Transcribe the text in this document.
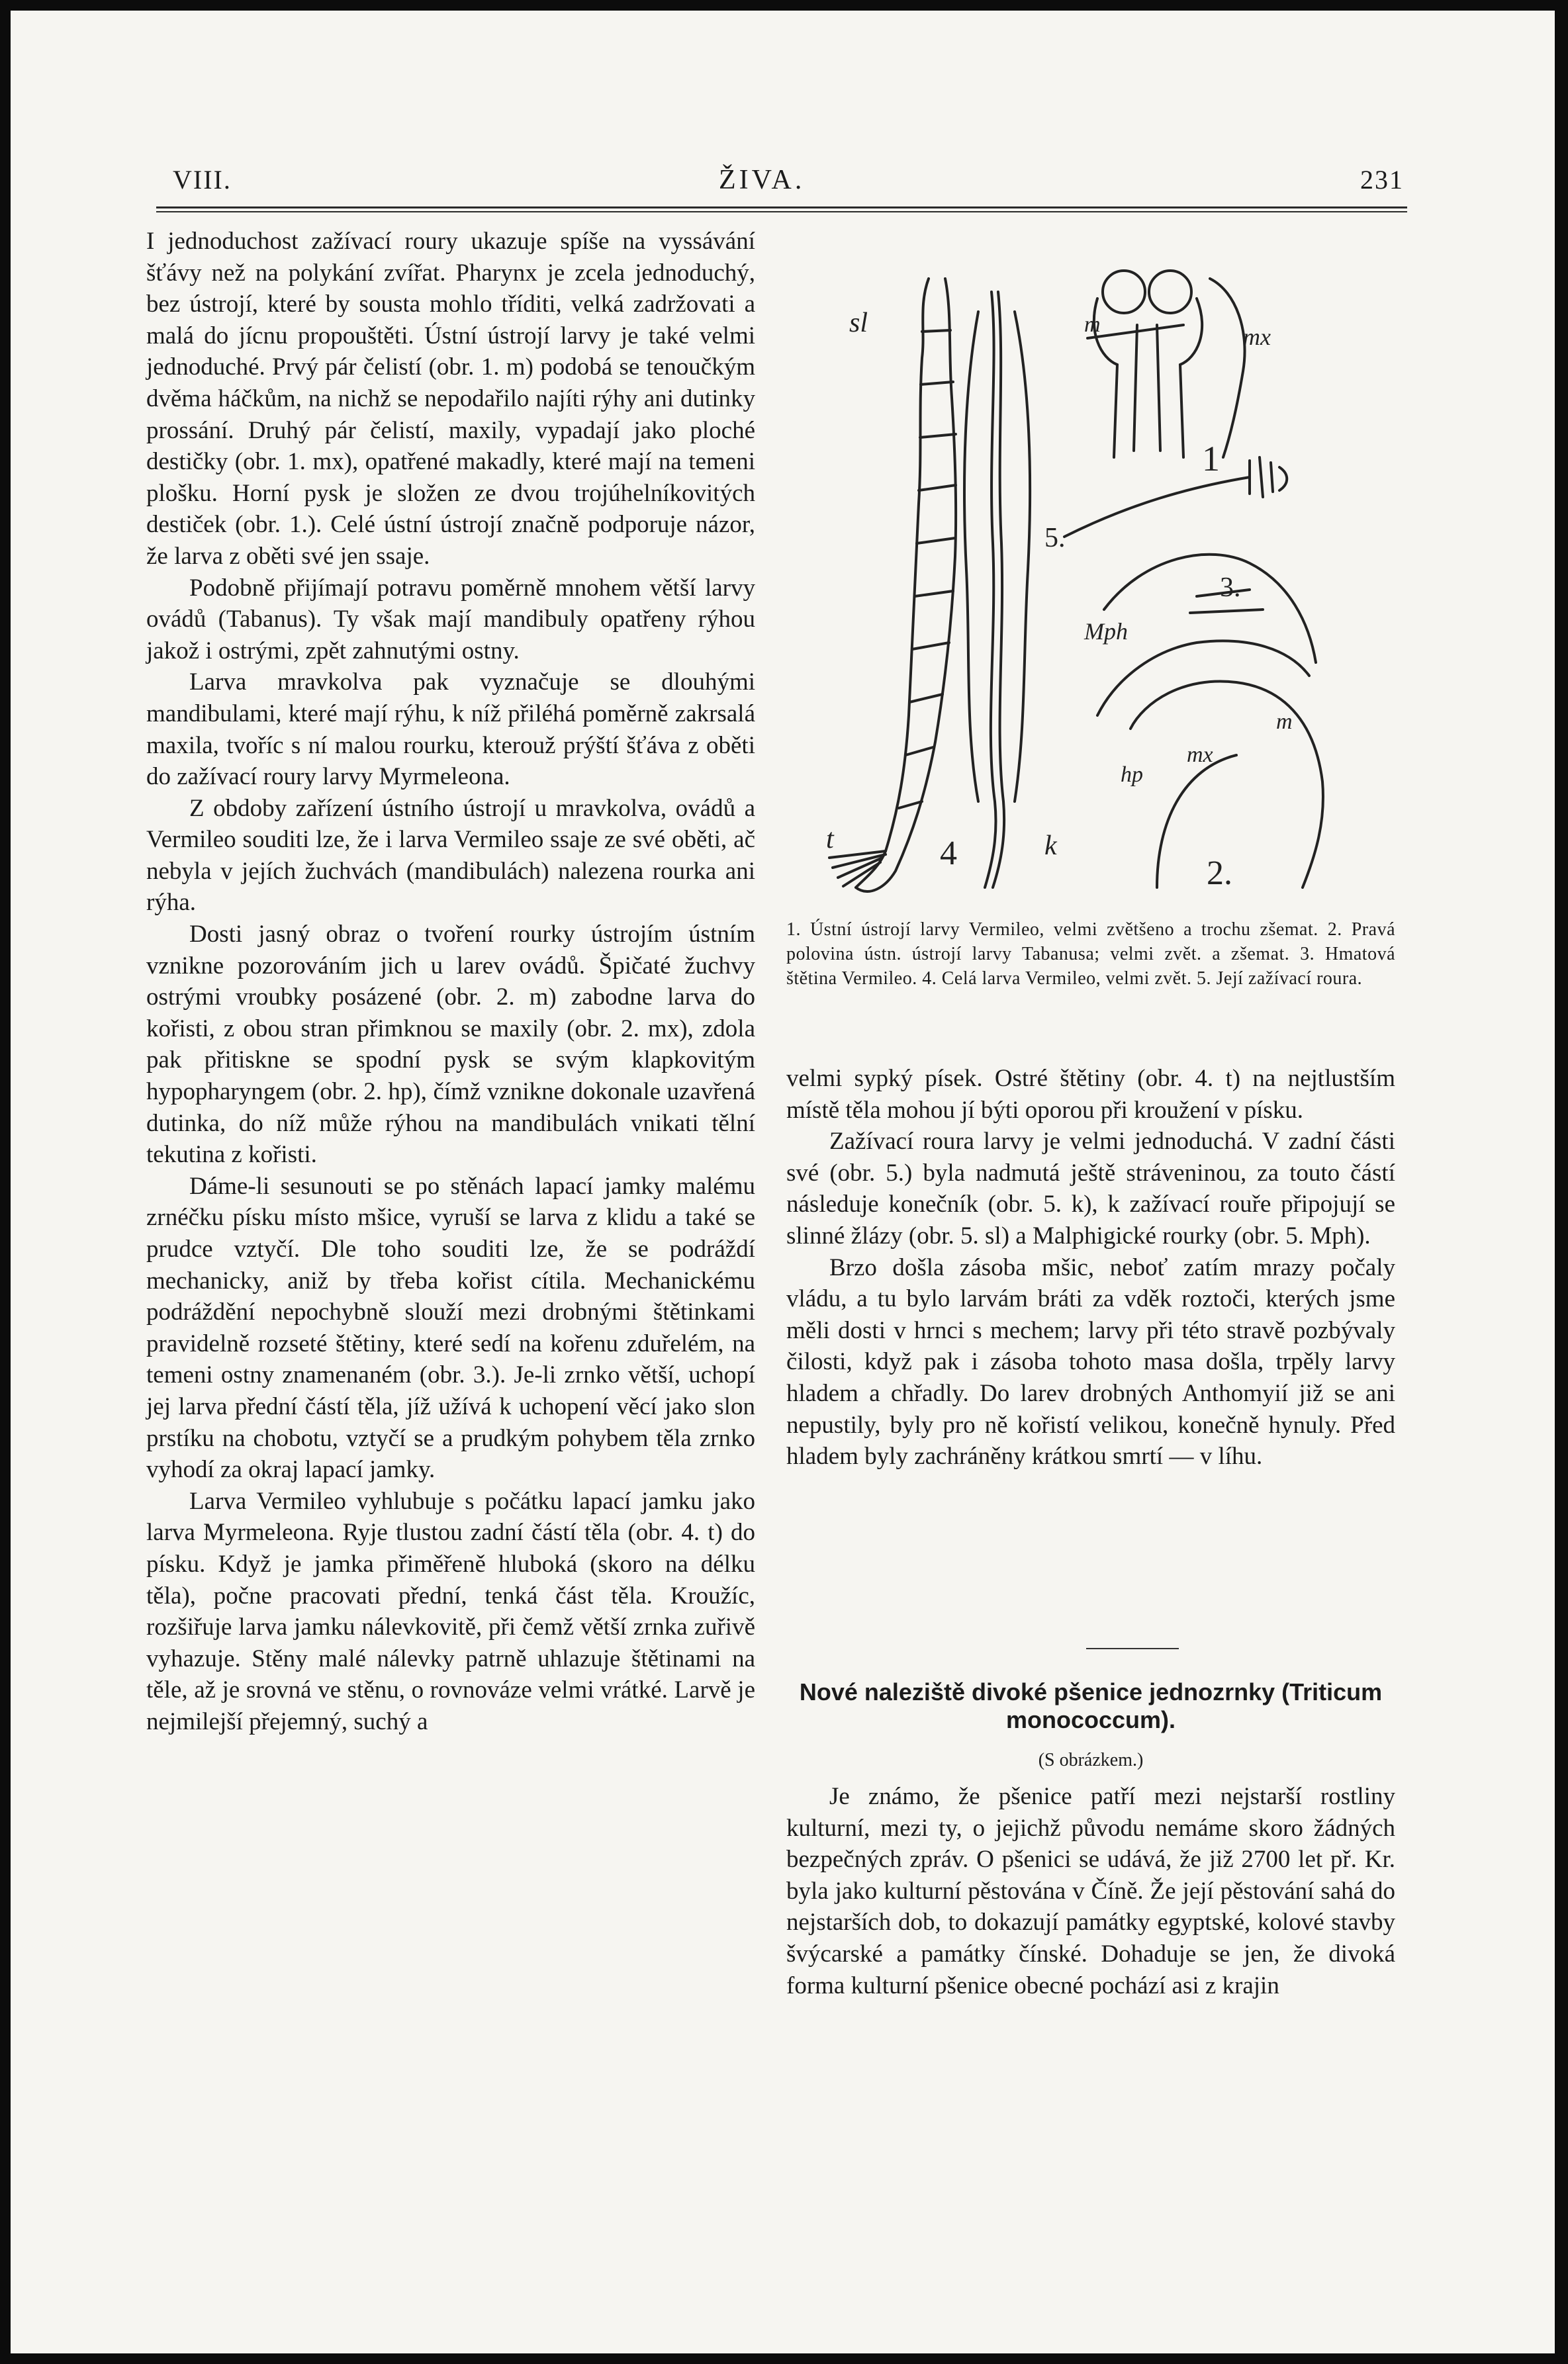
VIII.	ŽIVA.	231

I jednoduchost zažívací roury ukazuje spíše na vyssávání šťávy než na polykání zvířat. Pharynx je zcela jednoduchý, bez ústrojí, které by sousta mohlo tříditi, velká zadržovati a malá do jícnu propouštěti. Ústní ústrojí larvy je také velmi jednoduché. Prvý pár čelistí (obr. 1. m) podobá se tenoučkým dvěma háčkům, na nichž se nepodařilo najíti rýhy ani dutinky prossání. Druhý pár čelistí, maxily, vypadají jako ploché destičky (obr. 1. mx), opatřené makadly, které mají na temeni plošku. Horní pysk je složen ze dvou trojúhelníkovitých destiček (obr. 1.). Celé ústní ústrojí značně podporuje názor, že larva z oběti své jen ssaje.

Podobně přijímají potravu poměrně mnohem větší larvy ovádů (Tabanus). Ty však mají mandibuly opatřeny rýhou jakož i ostrými, zpět zahnutými ostny.

Larva mravkolva pak vyznačuje se dlouhými mandibulami, které mají rýhu, k níž přiléhá poměrně zakrsalá maxila, tvoříc s ní malou rourku, kterouž prýští šťáva z oběti do zažívací roury larvy Myrmeleona.

Z obdoby zařízení ústního ústrojí u mravkolva, ovádů a Vermileo souditi lze, že i larva Vermileo ssaje ze své oběti, ač nebyla v jejích žuchvách (mandibulách) nalezena rourka ani rýha.

Dosti jasný obraz o tvoření rourky ústrojím ústním vznikne pozorováním jich u larev ovádů. Špičaté žuchvy ostrými vroubky posázené (obr. 2. m) zabodne larva do kořisti, z obou stran přimknou se maxily (obr. 2. mx), zdola pak přitiskne se spodní pysk se svým klapkovitým hypopharyngem (obr. 2. hp), čímž vznikne dokonale uzavřená dutinka, do níž může rýhou na mandibulách vnikati tělní tekutina z kořisti.

Dáme-li sesunouti se po stěnách lapací jamky malému zrnéčku písku místo mšice, vyruší se larva z klidu a také se prudce vztyčí. Dle toho souditi lze, že se podráždí mechanicky, aniž by třeba kořist cítila. Mechanickému podráždění nepochybně slouží mezi drobnými štětinkami pravidelně rozseté štětiny, které sedí na kořenu zduřelém, na temeni ostny znamenaném (obr. 3.). Je-li zrnko větší, uchopí jej larva přední částí těla, jíž užívá k uchopení věcí jako slon prstíku na chobotu, vztyčí se a prudkým pohybem těla zrnko vyhodí za okraj lapací jamky.

Larva Vermileo vyhlubuje s počátku lapací jamku jako larva Myrmeleona. Ryje tlustou zadní částí těla (obr. 4. t) do písku. Když je jamka přiměřeně hluboká (skoro na délku těla), počne pracovati přední, tenká část těla. Kroužíc, rozšiřuje larva jamku nálevkovitě, při čemž větší zrnka zuřivě vyhazuje. Stěny malé nálevky patrně uhlazuje štětinami na těle, až je srovná ve stěnu, o rovnováze velmi vrátké. Larvě je nejmilejší přejemný, suchý a

sl	m	mx
1
5.
3.
Mph
m
mx
hp
2.
t	k
4
1. Ústní ústrojí larvy Vermileo, velmi zvětšeno a trochu zšemat. 2. Pravá polovina ústn. ústrojí larvy Tabanusa; velmi zvět. a zšemat. 3. Hmatová štětina Vermileo. 4. Celá larva Vermileo, velmi zvět. 5. Její zažívací roura.

velmi sypký písek. Ostré štětiny (obr. 4. t) na nejtlustším místě těla mohou jí býti oporou při kroužení v písku.

Zažívací roura larvy je velmi jednoduchá. V zadní části své (obr. 5.) byla nadmutá ještě stráveninou, za touto částí následuje konečník (obr. 5. k), k zažívací rouře připojují se slinné žlázy (obr. 5. sl) a Malphigické rourky (obr. 5. Mph).

Brzo došla zásoba mšic, neboť zatím mrazy počaly vládu, a tu bylo larvám bráti za vděk roztoči, kterých jsme měli dosti v hrnci s mechem; larvy při této stravě pozbývaly čilosti, když pak i zásoba tohoto masa došla, trpěly larvy hladem a chřadly. Do larev drobných Anthomyií již se ani nepustily, byly pro ně kořistí velikou, konečně hynuly. Před hladem byly zachráněny krátkou smrtí — v líhu.

Nové naleziště divoké pšenice jednozrnky (Triticum monococcum).
(S obrázkem.)

Je známo, že pšenice patří mezi nejstarší rostliny kulturní, mezi ty, o jejichž původu nemáme skoro žádných bezpečných zpráv. O pšenici se udává, že již 2700 let př. Kr. byla jako kulturní pěstována v Číně. Že její pěstování sahá do nejstarších dob, to dokazují památky egyptské, kolové stavby švýcarské a památky čínské. Dohaduje se jen, že divoká forma kulturní pšenice obecné pochází asi z krajin
